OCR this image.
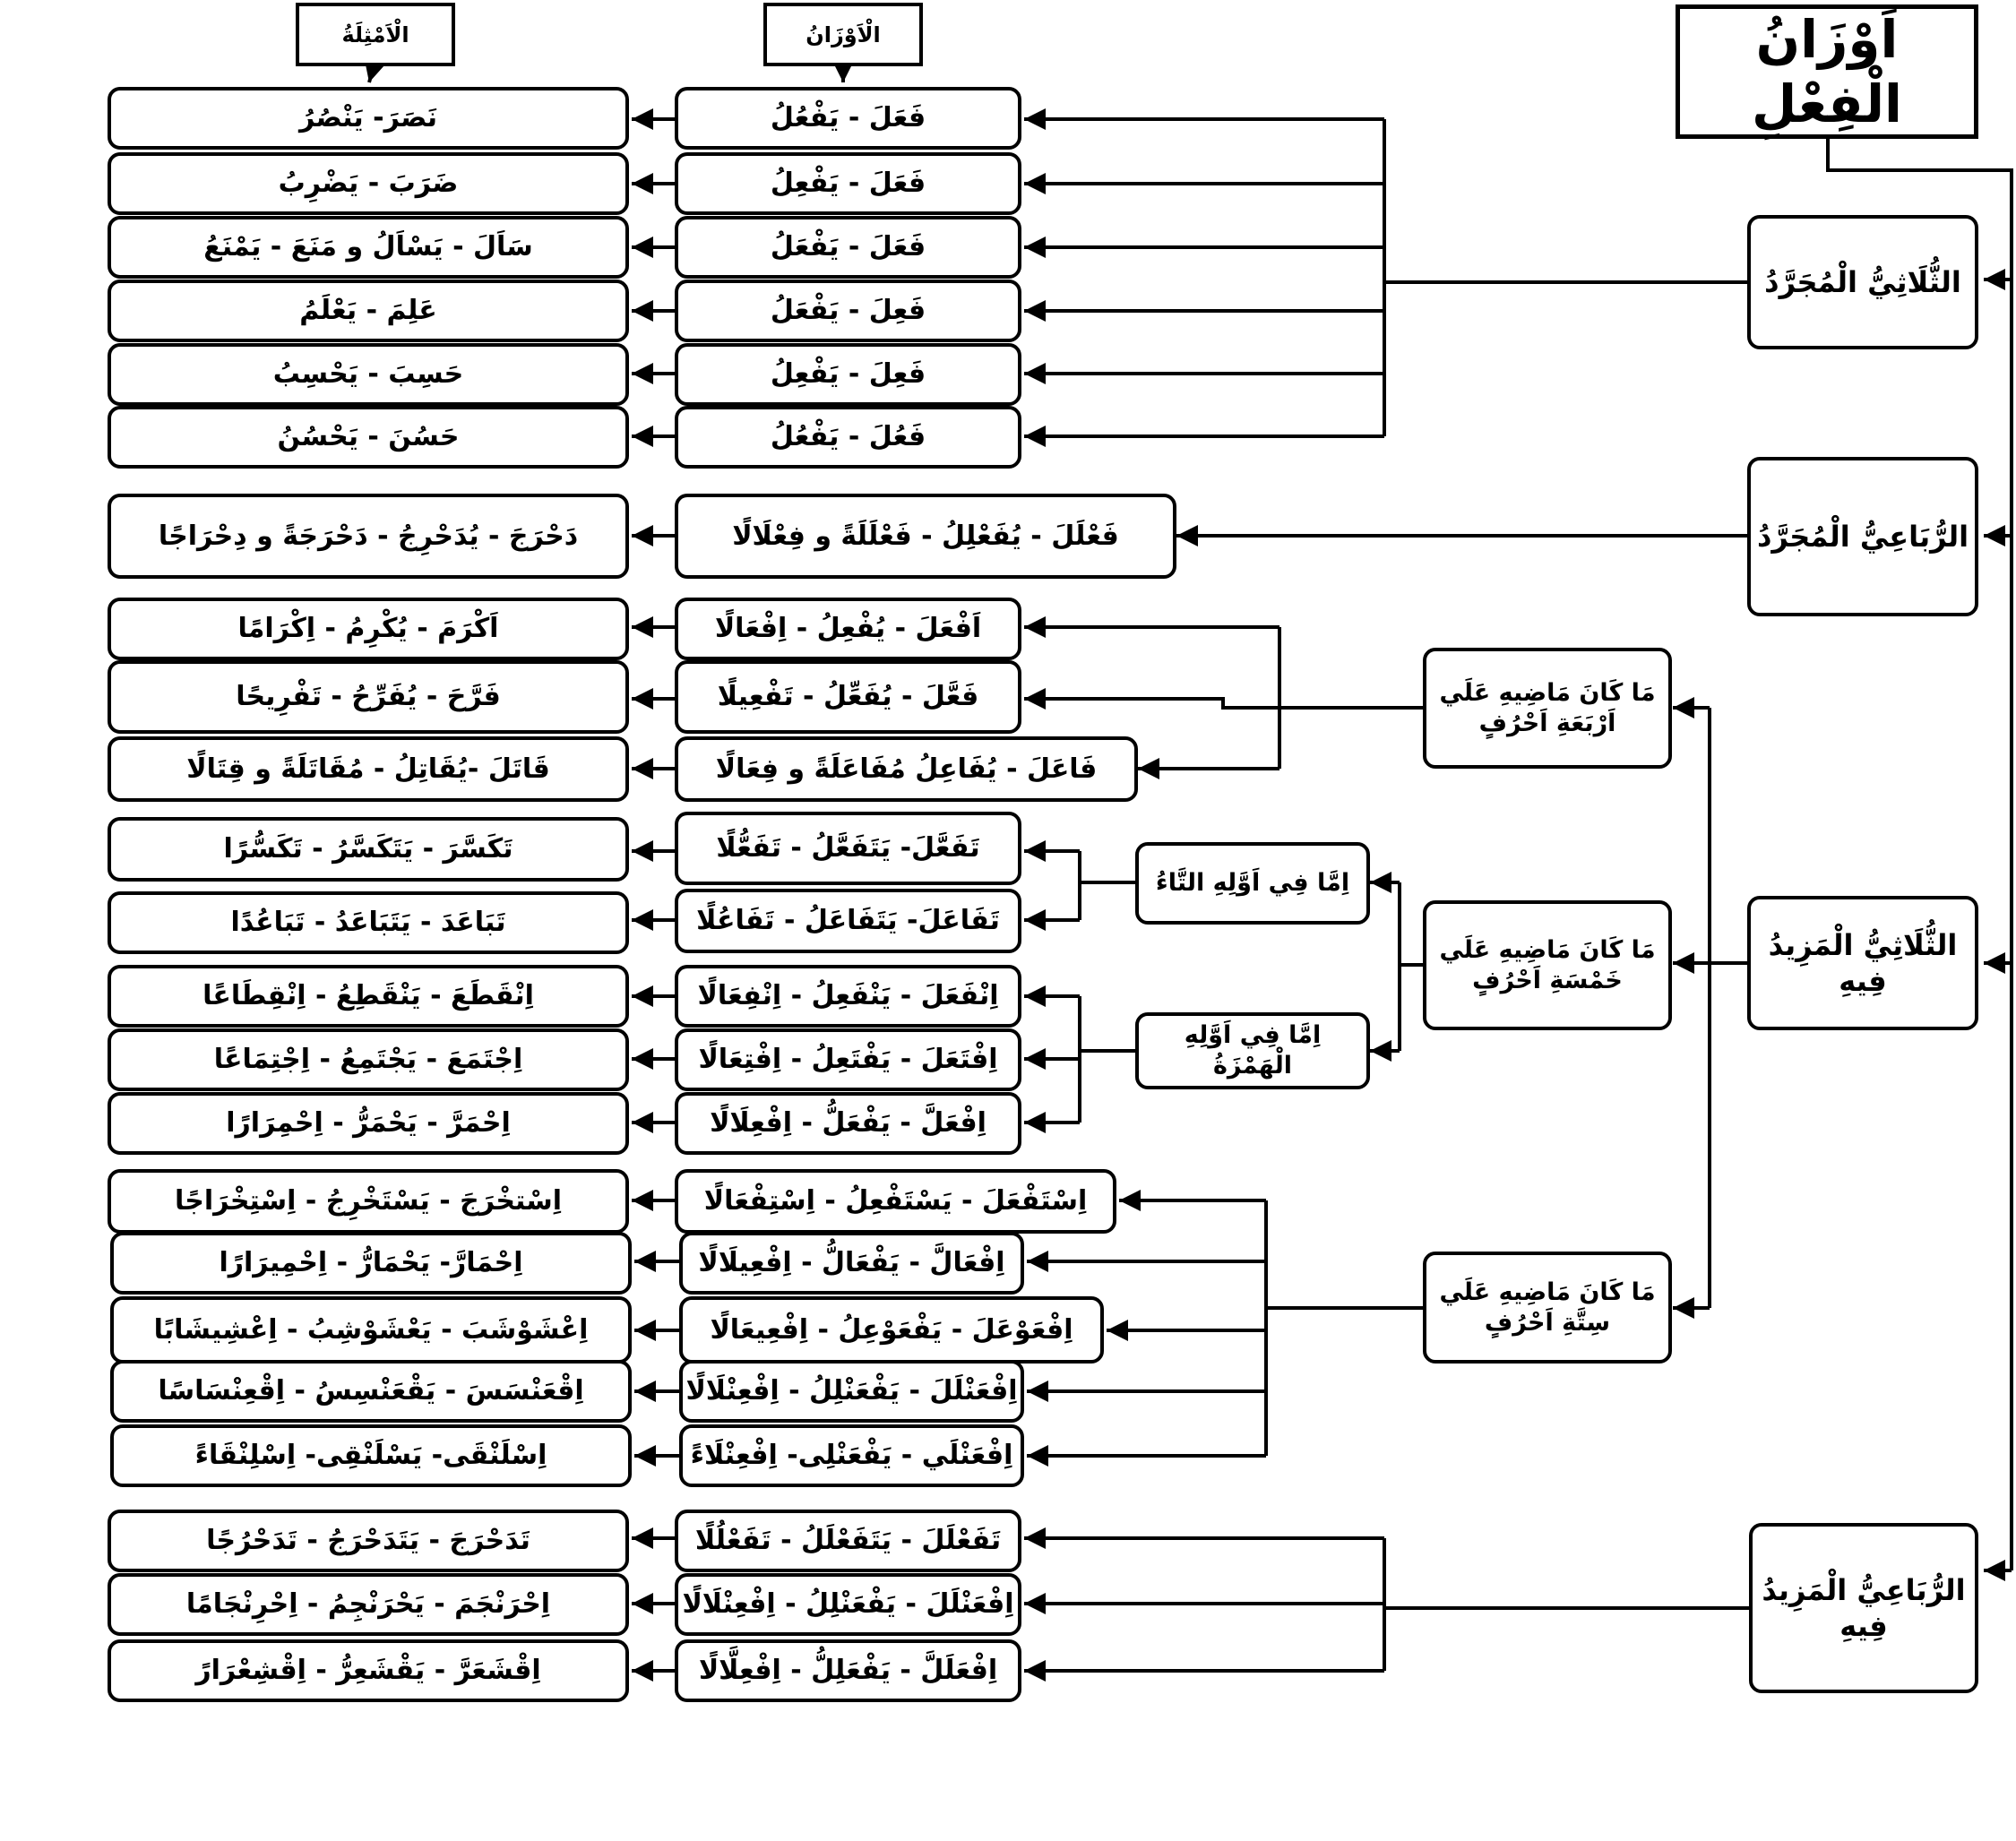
اَوْزَانُ الْفِعْلِ
الْاَوْزَانُ
الْاَمْثِلَةُ
الثُّلَاثِيُّ الْمُجَرَّدُ
الرُّبَاعِيُّ الْمُجَرَّدُ
الثُّلَاثِيُّ الْمَزِيدُ فِيهِ
الرُّبَاعِيُّ الْمَزِيدُ فِيهِ
مَا كَانَ مَاضِيهِ عَلَي اَرْبَعَةِ اَحْرُفٍ
مَا كَانَ مَاضِيهِ عَلَي خَمْسَةِ اَحْرُفٍ
مَا كَانَ مَاضِيهِ عَلَي سِتَّةِ اَحْرُفٍ
اِمَّا فِي اَوَّلِهِ التَّاءُ
اِمَّا فِي اَوَّلِهِ الْهَمْزَةُ
فَعَلَ - يَفْعُلُ
فَعَلَ - يَفْعِلُ
فَعَلَ - يَفْعَلُ
فَعِلَ - يَفْعَلُ
فَعِلَ - يَفْعِلُ
فَعُلَ - يَفْعُلُ
فَعْلَلَ - يُفَعْلِلُ - فَعْلَلَةً و فِعْلَالًا
اَفْعَلَ - يُفْعِلُ - اِفْعَالًا
فَعَّلَ - يُفَعِّلُ - تَفْعِيلًا
فَاعَلَ - يُفَاعِلُ مُفَاعَلَةً و فِعَالًا
تَفَعَّلَ- يَتَفَعَّلُ - تَفَعُّلًا
تَفَاعَلَ- يَتَفَاعَلُ - تَفَاعُلًا
اِنْفَعَلَ - يَنْفَعِلُ - اِنْفِعَالًا
اِفْتَعَلَ - يَفْتَعِلُ - اِفْتِعَالًا
اِفْعَلَّ - يَفْعَلُّ - اِفْعِلَالًا
اِسْتَفْعَلَ - يَسْتَفْعِلُ - اِسْتِفْعَالًا
اِفْعَالَّ - يَفْعَالُّ - اِفْعِيلَالًا
اِفْعَوْعَلَ - يَفْعَوْعِلُ - اِفْعِيعَالًا
اِفْعَنْلَلَ - يَفْعَنْلِلُ - اِفْعِنْلَالًا
اِفْعَنْلَي - يَفْعَنْلِى- اِفْعِنْلَاءً
تَفَعْلَلَ - يَتَفَعْلَلُ - تَفَعْلُلًا
اِفْعَنْلَلَ - يَفْعَنْلِلُ - اِفْعِنْلَالًا
اِفْعَلَلَّ - يَفْعَلِلُّ - اِفْعِلَّالًا
نَصَرَ- يَنْصُرُ
ضَرَبَ - يَضْرِبُ
سَاَلَ - يَسْاَلُ و مَنَعَ - يَمْنَعُ
عَلِمَ - يَعْلَمُ
حَسِبَ - يَحْسِبُ
حَسُنَ - يَحْسُنُ
دَحْرَجَ - يُدَحْرِجُ - دَحْرَجَةً و دِحْرَاجًا
اَكْرَمَ - يُكْرِمُ - اِكْرَامًا
فَرَّحَ - يُفَرِّحُ - تَفْرِيحًا
قَاتَلَ -يُقَاتِلُ - مُقَاتَلَةً و قِتَالًا
تَكَسَّرَ - يَتَكَسَّرُ - تَكَسُّرًا
تَبَاعَدَ - يَتَبَاعَدُ - تَبَاعُدًا
اِنْقَطَعَ - يَنْقَطِعُ - اِنْقِطَاعًا
اِجْتَمَعَ - يَجْتَمِعُ - اِجْتِمَاعًا
اِحْمَرَّ - يَحْمَرُّ - اِحْمِرَارًا
اِسْتخْرَجَ - يَسْتَخْرِجُ - اِسْتِخْرَاجًا
اِحْمَارَّ- يَحْمَارُّ - اِحْمِيرَارًا
اِعْشَوْشَبَ - يَعْشَوْشِبُ - اِعْشِيشَابًا
اِقْعَنْسَسَ - يَقْعَنْسِسُ - اِقْعِنْسَاسًا
اِسْلَنْقَى- يَسْلَنْقِى- اِسْلِنْقَاءً
تَدَحْرَجَ - يَتَدَحْرَجُ - تَدَحْرُجًا
اِحْرَنْجَمَ - يَحْرَنْجِمُ - اِحْرِنْجَامًا
اِقْشَعَرَّ - يَقْشَعِرُّ - اِقْشِعْرَارً
